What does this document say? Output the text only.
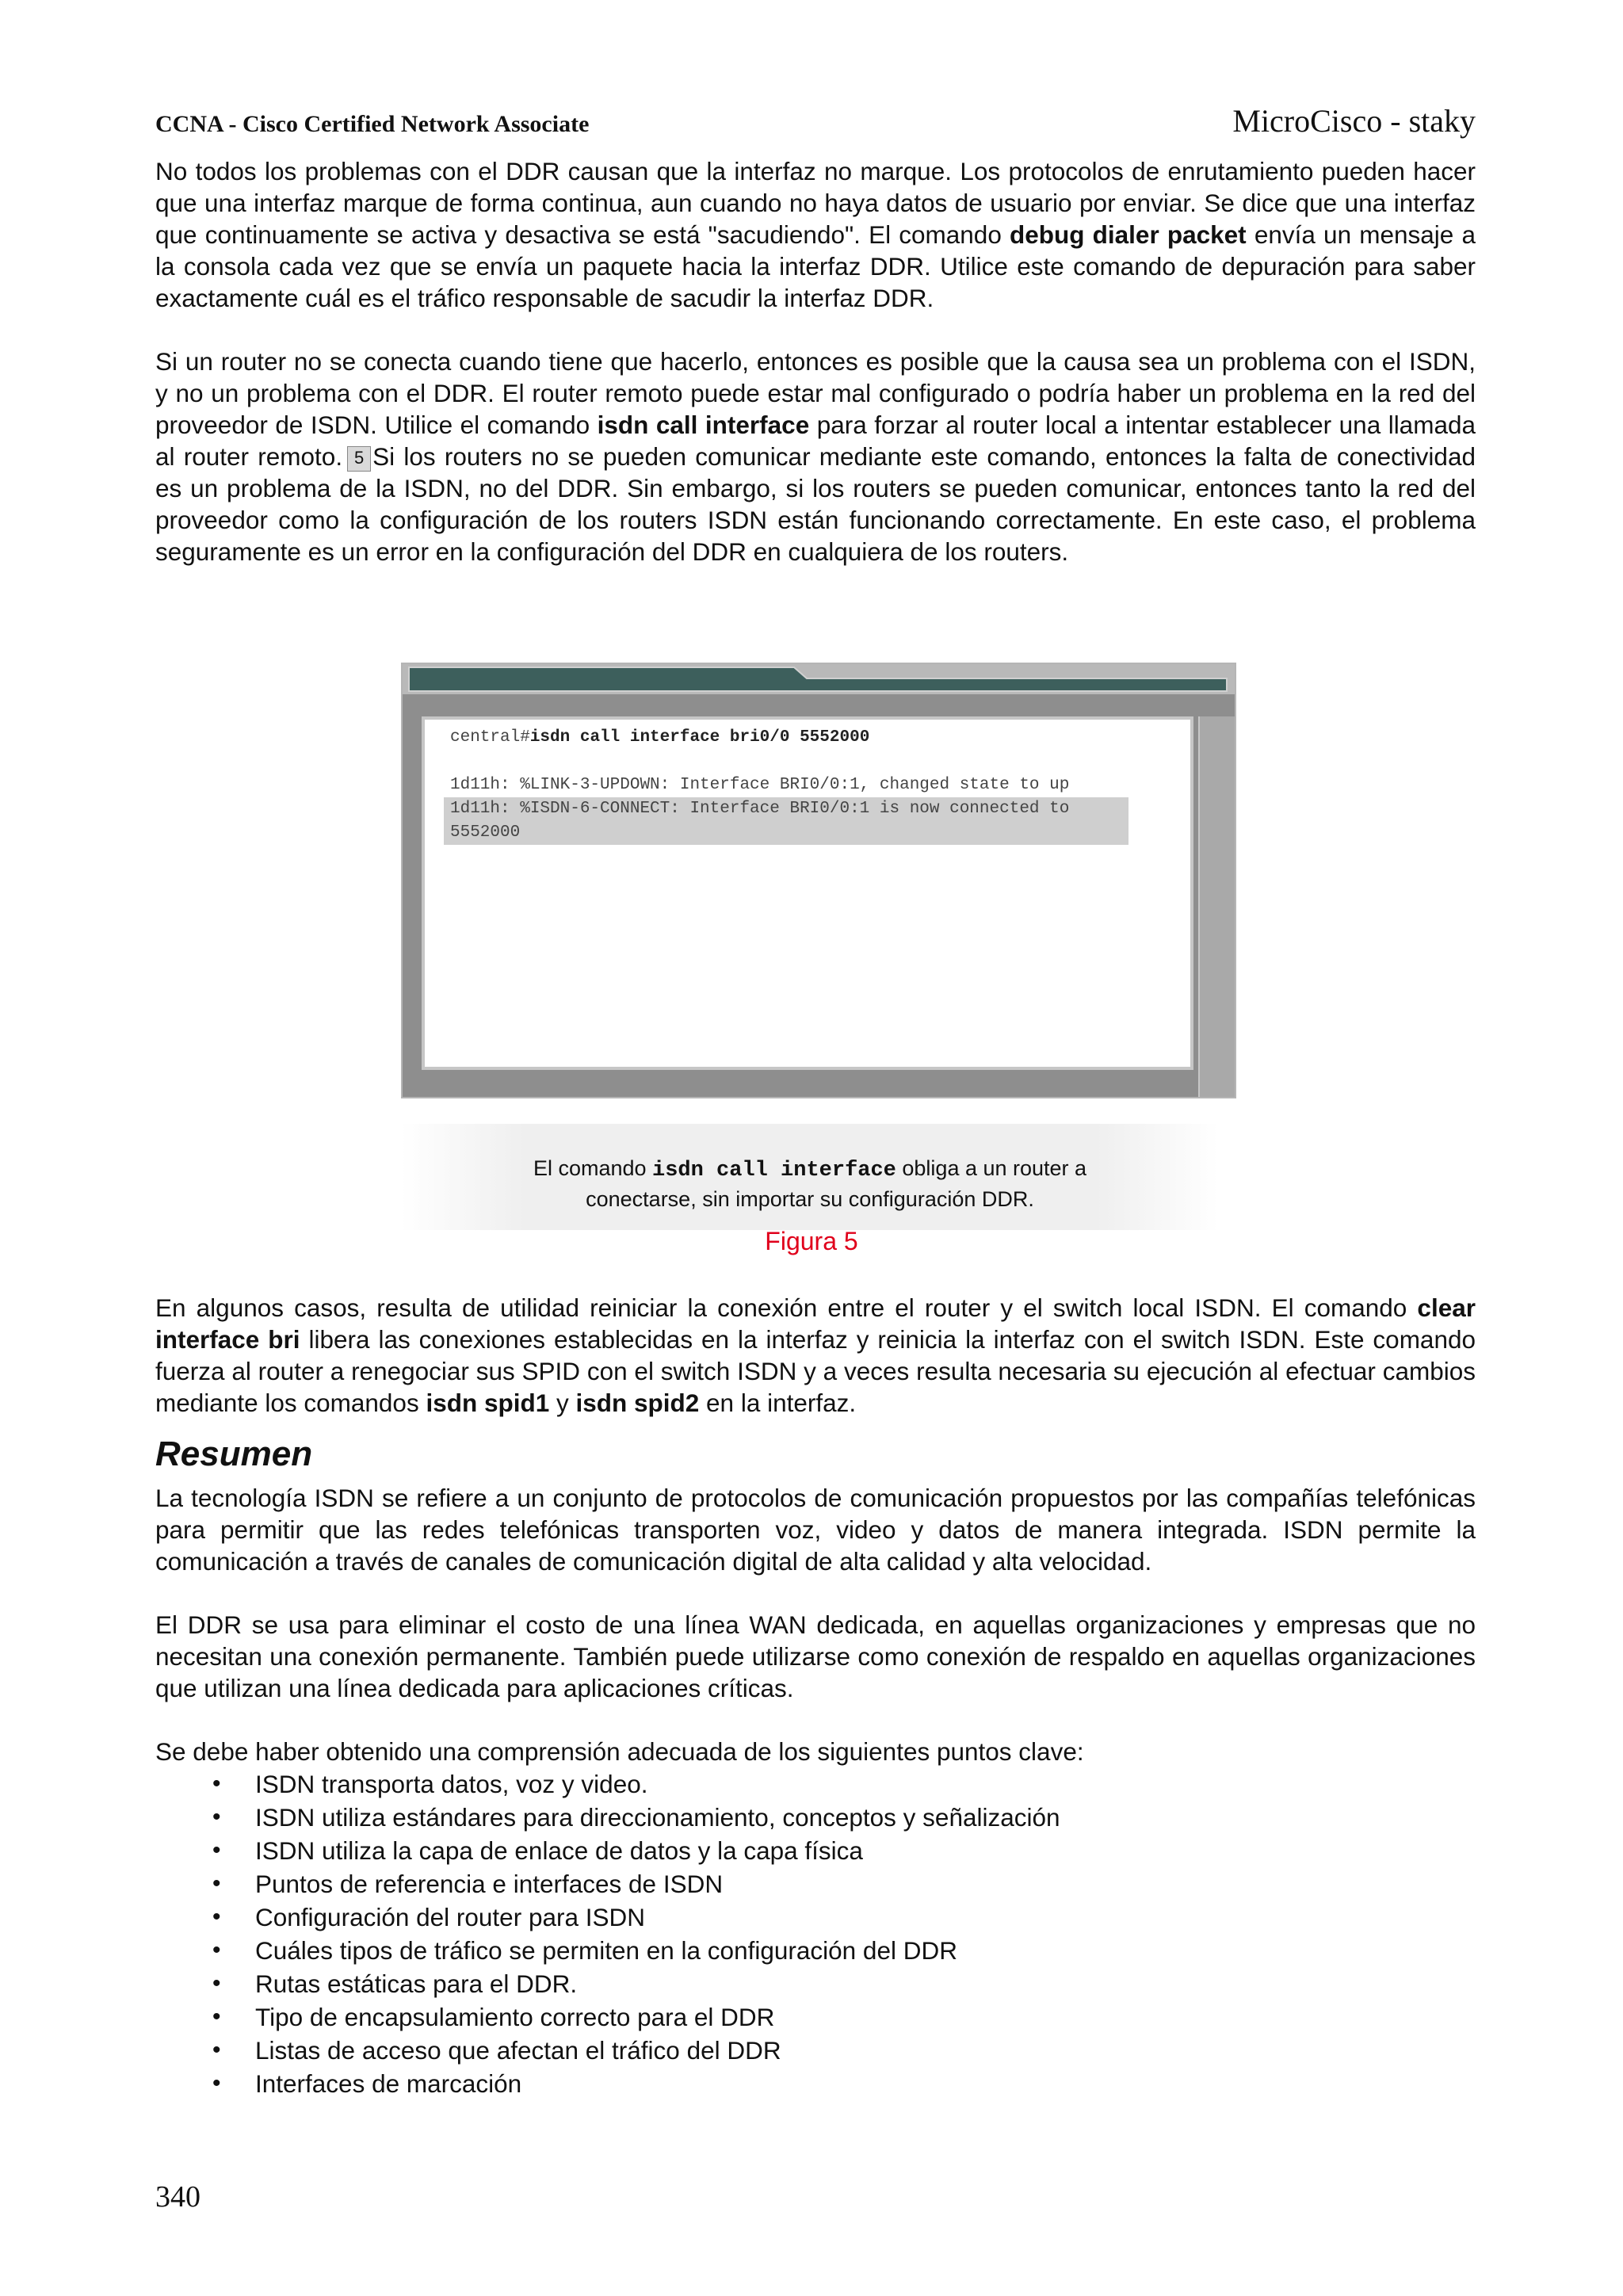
CCNA - Cisco Certified Network Associate	MicroCisco - staky

No todos los problemas con el DDR causan que la interfaz no marque. Los protocolos de enrutamiento pueden hacer que una interfaz marque de forma continua, aun cuando no haya datos de usuario por enviar. Se dice que una interfaz que continuamente se activa y desactiva se está "sacudiendo". El comando debug dialer packet envía un mensaje a la consola cada vez que se envía un paquete hacia la interfaz DDR. Utilice este comando de depuración para saber exactamente cuál es el tráfico responsable de sacudir la interfaz DDR.

Si un router no se conecta cuando tiene que hacerlo, entonces es posible que la causa sea un problema con el ISDN, y no un problema con el DDR. El router remoto puede estar mal configurado o podría haber un problema en la red del proveedor de ISDN. Utilice el comando isdn call interface para forzar al router local a intentar establecer una llamada al router remoto. 5 Si los routers no se pueden comunicar mediante este comando, entonces la falta de conectividad es un problema de la ISDN, no del DDR. Sin embargo, si los routers se pueden comunicar, entonces tanto la red del proveedor como la configuración de los routers ISDN están funcionando correctamente. En este caso, el problema seguramente es un error en la configuración del DDR en cualquiera de los routers.

central#isdn call interface bri0/0 5552000
1d11h: %LINK-3-UPDOWN: Interface BRI0/0:1, changed state to up
1d11h: %ISDN-6-CONNECT: Interface BRI0/0:1 is now connected to
5552000
El comando isdn call interface obliga a un router a
conectarse, sin importar su configuración DDR.
Figura 5

En algunos casos, resulta de utilidad reiniciar la conexión entre el router y el switch local ISDN. El comando clear interface bri libera las conexiones establecidas en la interfaz y reinicia la interfaz con el switch ISDN. Este comando fuerza al router a renegociar sus SPID con el switch ISDN y a veces resulta necesaria su ejecución al efectuar cambios mediante los comandos isdn spid1 y isdn spid2 en la interfaz.

Resumen

La tecnología ISDN se refiere a un conjunto de protocolos de comunicación propuestos por las compañías telefónicas para permitir que las redes telefónicas transporten voz, video y datos de manera integrada. ISDN permite la comunicación a través de canales de comunicación digital de alta calidad y alta velocidad.

El DDR se usa para eliminar el costo de una línea WAN dedicada, en aquellas organizaciones y empresas que no necesitan una conexión permanente. También puede utilizarse como conexión de respaldo en aquellas organizaciones que utilizan una línea dedicada para aplicaciones críticas.

Se debe haber obtenido una comprensión adecuada de los siguientes puntos clave:

• ISDN transporta datos, voz y video.
• ISDN utiliza estándares para direccionamiento, conceptos y señalización
• ISDN utiliza la capa de enlace de datos y la capa física
• Puntos de referencia e interfaces de ISDN
• Configuración del router para ISDN
• Cuáles tipos de tráfico se permiten en la configuración del DDR
• Rutas estáticas para el DDR.
• Tipo de encapsulamiento correcto para el DDR
• Listas de acceso que afectan el tráfico del DDR
• Interfaces de marcación
340
